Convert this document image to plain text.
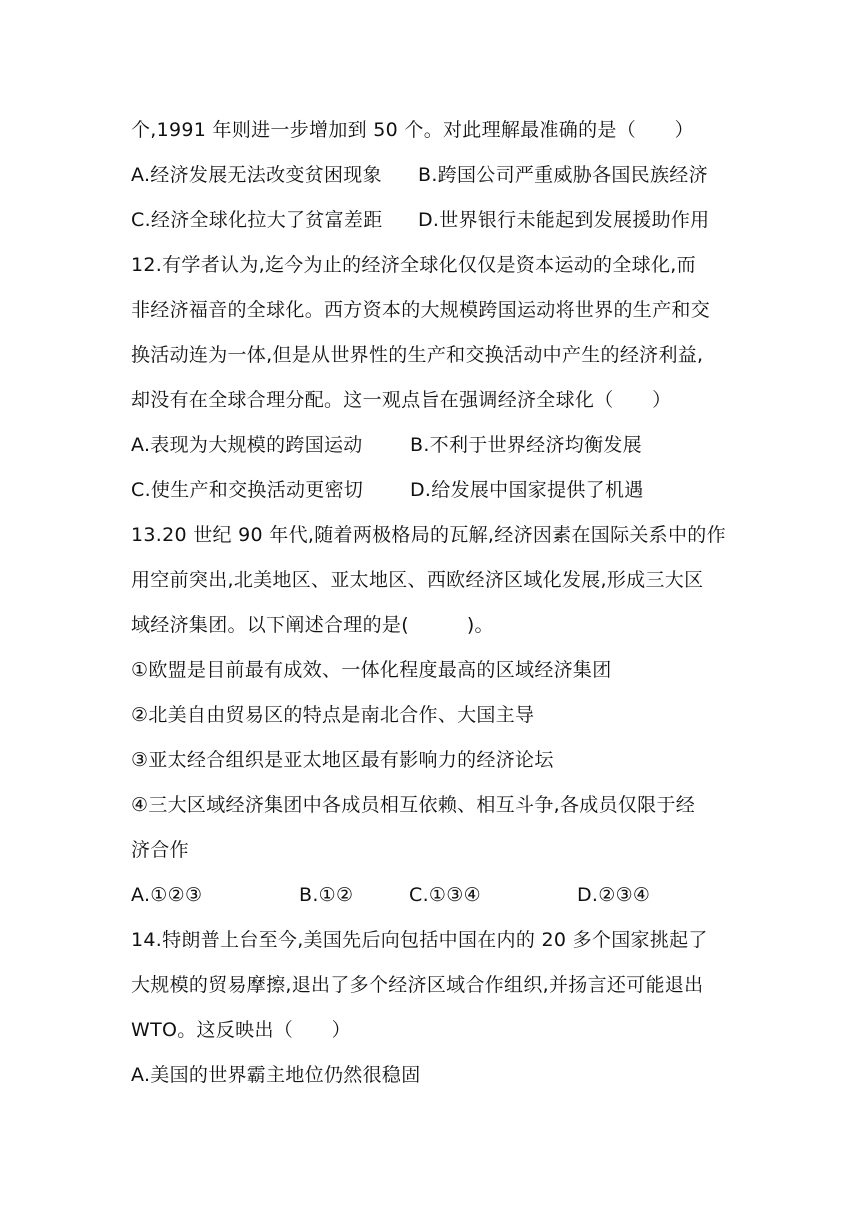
个,1991 年则进一步增加到 50 个。对此理解最准确的是（　　）

A.经济发展无法改变贫困现象

B.跨国公司严重威胁各国民族经济

C.经济全球化拉大了贫富差距

D.世界银行未能起到发展援助作用

12.有学者认为,迄今为止的经济全球化仅仅是资本运动的全球化,而
非经济福音的全球化。西方资本的大规模跨国运动将世界的生产和交
换活动连为一体,但是从世界性的生产和交换活动中产生的经济利益,
却没有在全球合理分配。这一观点旨在强调经济全球化（　　）

A.表现为大规模的跨国运动

B.不利于世界经济均衡发展

C.使生产和交换活动更密切

D.给发展中国家提供了机遇

13.20 世纪 90 年代,随着两极格局的瓦解,经济因素在国际关系中的作
用空前突出,北美地区、亚太地区、西欧经济区域化发展,形成三大区
域经济集团。以下阐述合理的是(　　　)。
①欧盟是目前最有成效、一体化程度最高的区域经济集团
②北美自由贸易区的特点是南北合作、大国主导
③亚太经合组织是亚太地区最有影响力的经济论坛
④三大区域经济集团中各成员相互依赖、相互斗争,各成员仅限于经
济合作

A.①②③

	B.①②

	C.①③④

	D.②③④

14.特朗普上台至今,美国先后向包括中国在内的 20 多个国家挑起了
大规模的贸易摩擦,退出了多个经济区域合作组织,并扬言还可能退出
WTO。这反映出（　　）
A.美国的世界霸主地位仍然很稳固
